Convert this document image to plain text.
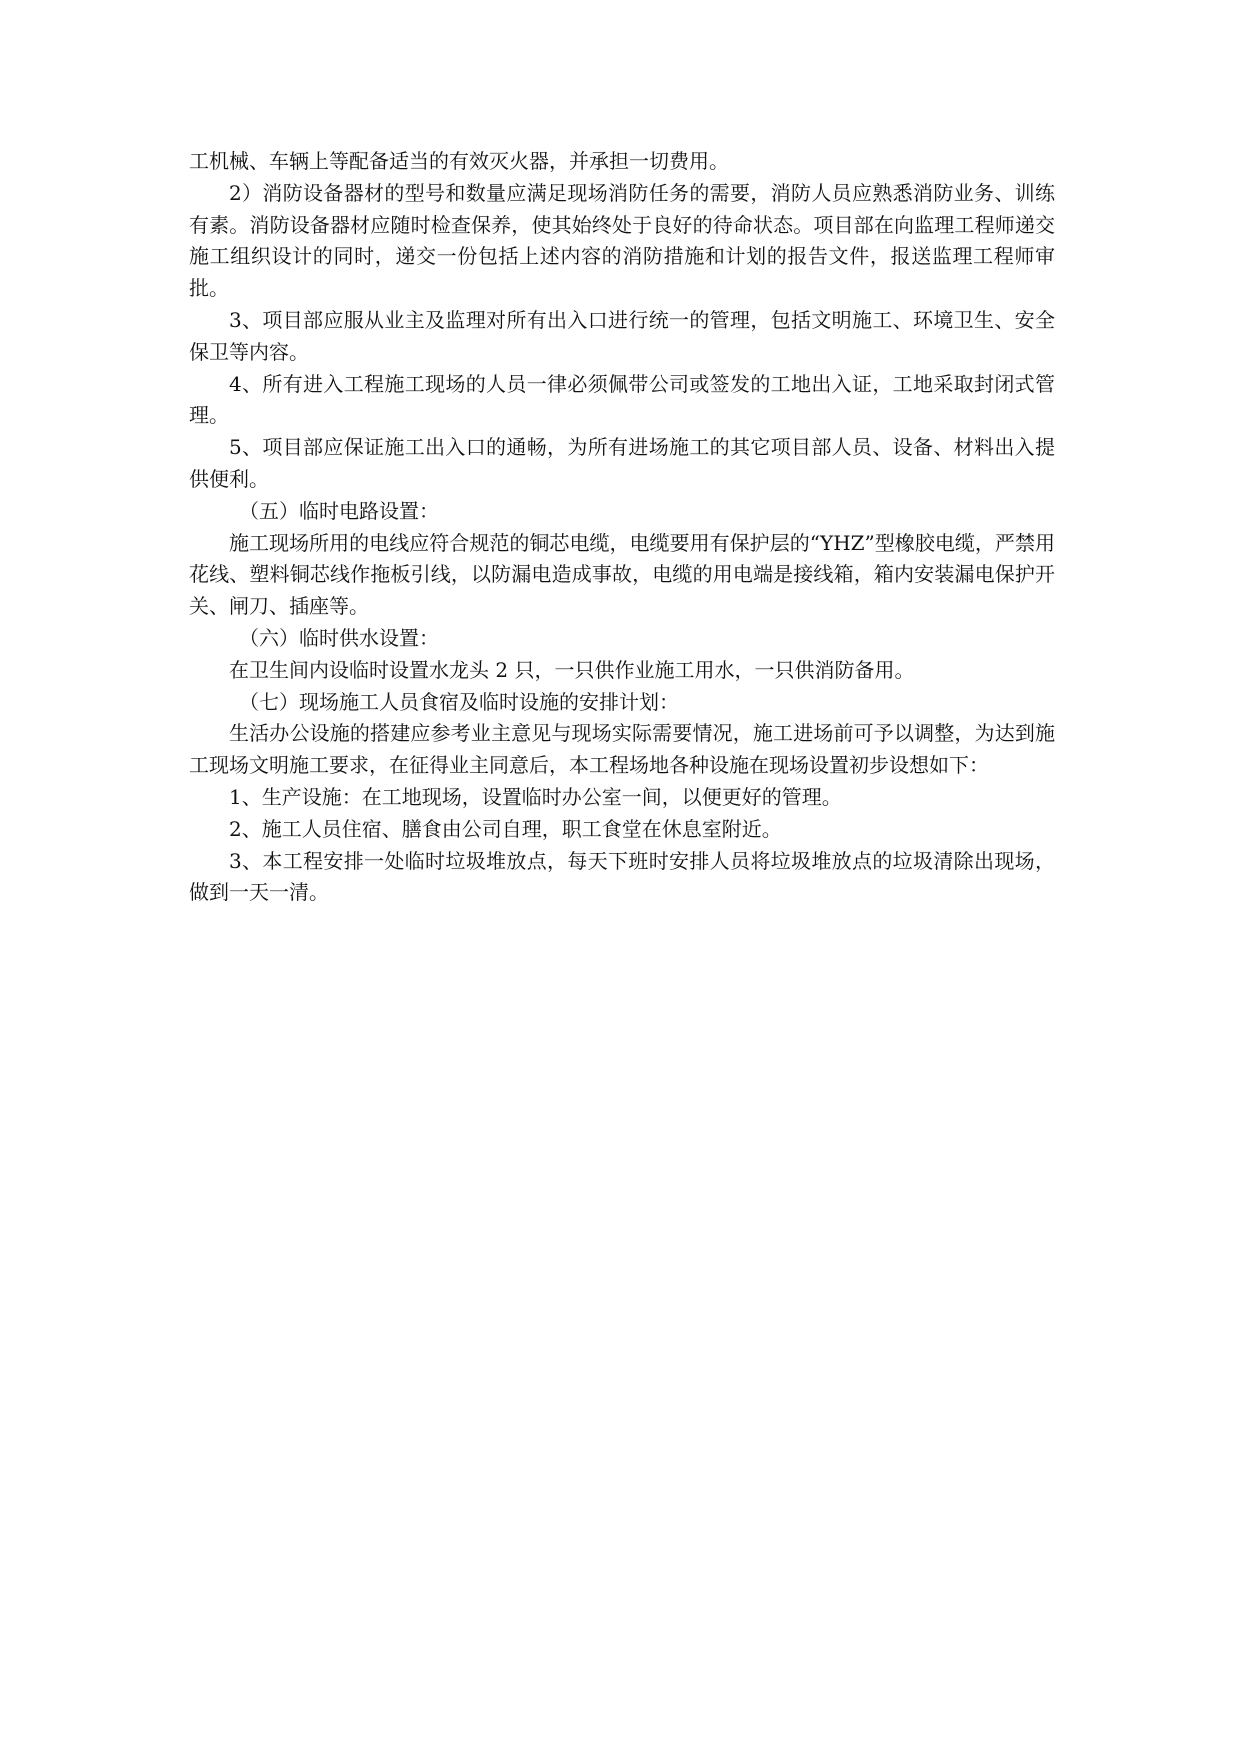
工机械、车辆上等配备适当的有效灭火器，并承担一切费用。

2）消防设备器材的型号和数量应满足现场消防任务的需要，消防人员应熟悉消防业务、训练有素。消防设备器材应随时检查保养，使其始终处于良好的待命状态。项目部在向监理工程师递交施工组织设计的同时，递交一份包括上述内容的消防措施和计划的报告文件，报送监理工程师审批。

3、项目部应服从业主及监理对所有出入口进行统一的管理，包括文明施工、环境卫生、安全保卫等内容。

4、所有进入工程施工现场的人员一律必须佩带公司或签发的工地出入证，工地采取封闭式管理。

5、项目部应保证施工出入口的通畅，为所有进场施工的其它项目部人员、设备、材料出入提供便利。

（五）临时电路设置：

施工现场所用的电线应符合规范的铜芯电缆，电缆要用有保护层的“YHZ”型橡胶电缆，严禁用花线、塑料铜芯线作拖板引线，以防漏电造成事故，电缆的用电端是接线箱，箱内安装漏电保护开关、闸刀、插座等。

（六）临时供水设置：

在卫生间内设临时设置水龙头 2 只，一只供作业施工用水，一只供消防备用。

（七）现场施工人员食宿及临时设施的安排计划：

生活办公设施的搭建应参考业主意见与现场实际需要情况，施工进场前可予以调整，为达到施工现场文明施工要求，在征得业主同意后，本工程场地各种设施在现场设置初步设想如下：

1、生产设施：在工地现场，设置临时办公室一间，以便更好的管理。

2、施工人员住宿、膳食由公司自理，职工食堂在休息室附近。

3、本工程安排一处临时垃圾堆放点，每天下班时安排人员将垃圾堆放点的垃圾清除出现场，做到一天一清。
